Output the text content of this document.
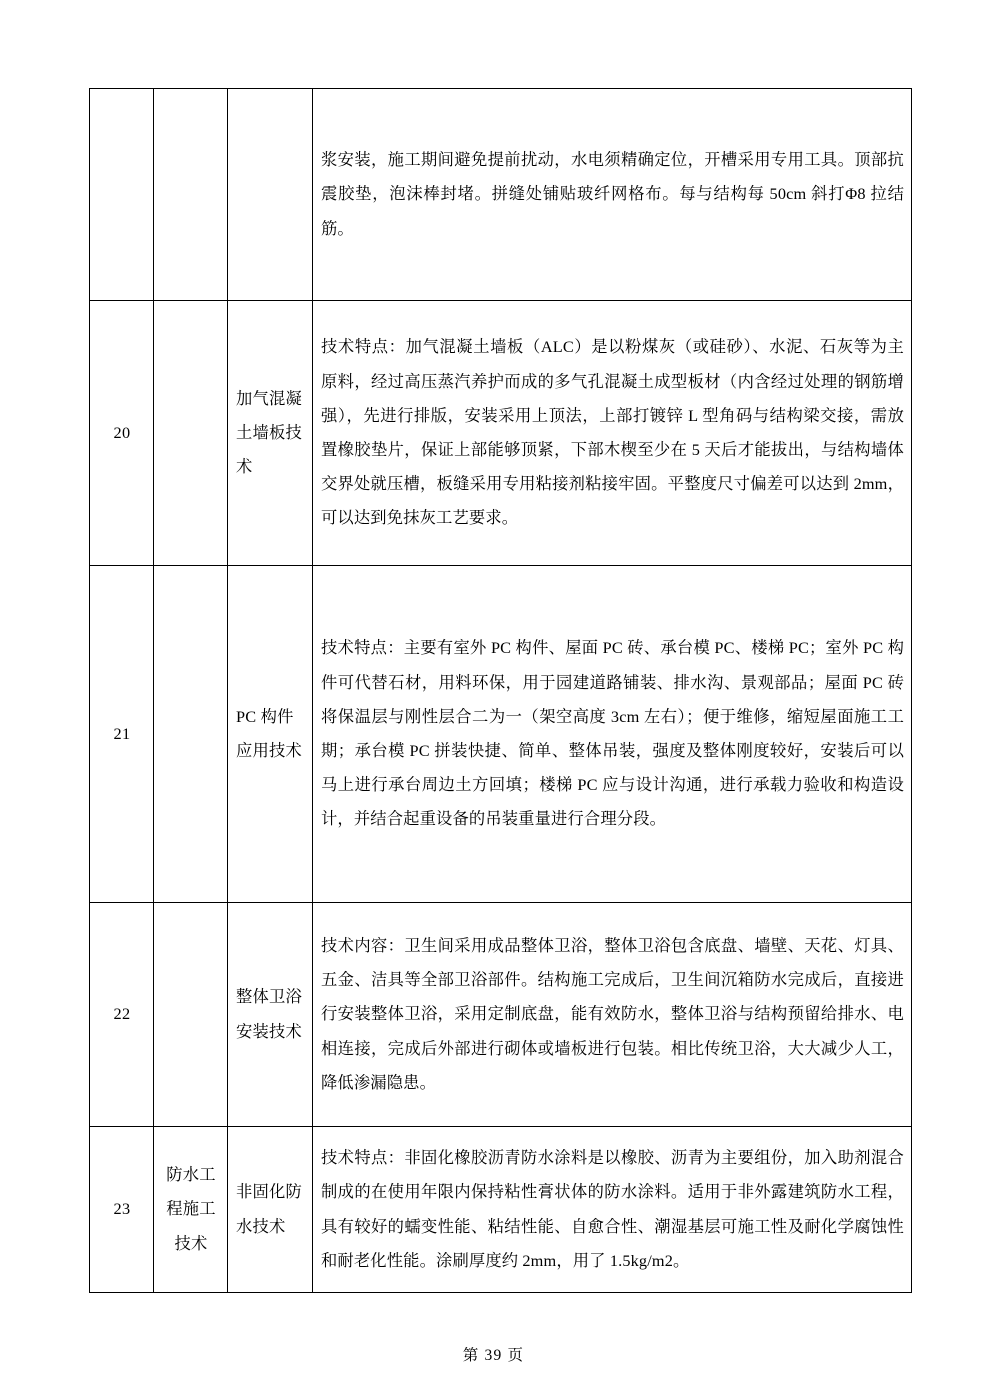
			浆安装，施工期间避免提前扰动，水电须精确定位，开槽采用专用工具。顶部抗震胶垫，泡沫棒封堵。拼缝处铺贴玻纤网格布。每与结构每 50cm 斜打Φ8 拉结筋。
20		加气混凝土墙板技术	技术特点：加气混凝土墙板（ALC）是以粉煤灰（或硅砂）、水泥、石灰等为主原料，经过高压蒸汽养护而成的多气孔混凝土成型板材（内含经过处理的钢筋增强），先进行排版，安装采用上顶法，上部打镀锌 L 型角码与结构梁交接，需放置橡胶垫片，保证上部能够顶紧，下部木楔至少在 5 天后才能拔出，与结构墙体交界处就压槽，板缝采用专用粘接剂粘接牢固。平整度尺寸偏差可以达到 2mm，可以达到免抹灰工艺要求。
21		PC 构件应用技术	技术特点：主要有室外 PC 构件、屋面 PC 砖、承台模 PC、楼梯 PC；室外 PC 构件可代替石材，用料环保，用于园建道路铺装、排水沟、景观部品；屋面 PC 砖将保温层与刚性层合二为一（架空高度 3cm 左右）；便于维修，缩短屋面施工工期；承台模 PC 拼装快捷、简单、整体吊装，强度及整体刚度较好，安装后可以马上进行承台周边土方回填；楼梯 PC 应与设计沟通，进行承载力验收和构造设计，并结合起重设备的吊装重量进行合理分段。
22		整体卫浴安装技术	技术内容：卫生间采用成品整体卫浴，整体卫浴包含底盘、墙壁、天花、灯具、五金、洁具等全部卫浴部件。结构施工完成后，卫生间沉箱防水完成后，直接进行安装整体卫浴，采用定制底盘，能有效防水，整体卫浴与结构预留给排水、电相连接，完成后外部进行砌体或墙板进行包装。相比传统卫浴，大大减少人工，降低渗漏隐患。
23	防水工程施工技术	非固化防水技术	技术特点：非固化橡胶沥青防水涂料是以橡胶、沥青为主要组份，加入助剂混合制成的在使用年限内保持粘性膏状体的防水涂料。适用于非外露建筑防水工程，具有较好的蠕变性能、粘结性能、自愈合性、潮湿基层可施工性及耐化学腐蚀性和耐老化性能。涂刷厚度约 2mm，用了 1.5kg/m2。
第 39 页
